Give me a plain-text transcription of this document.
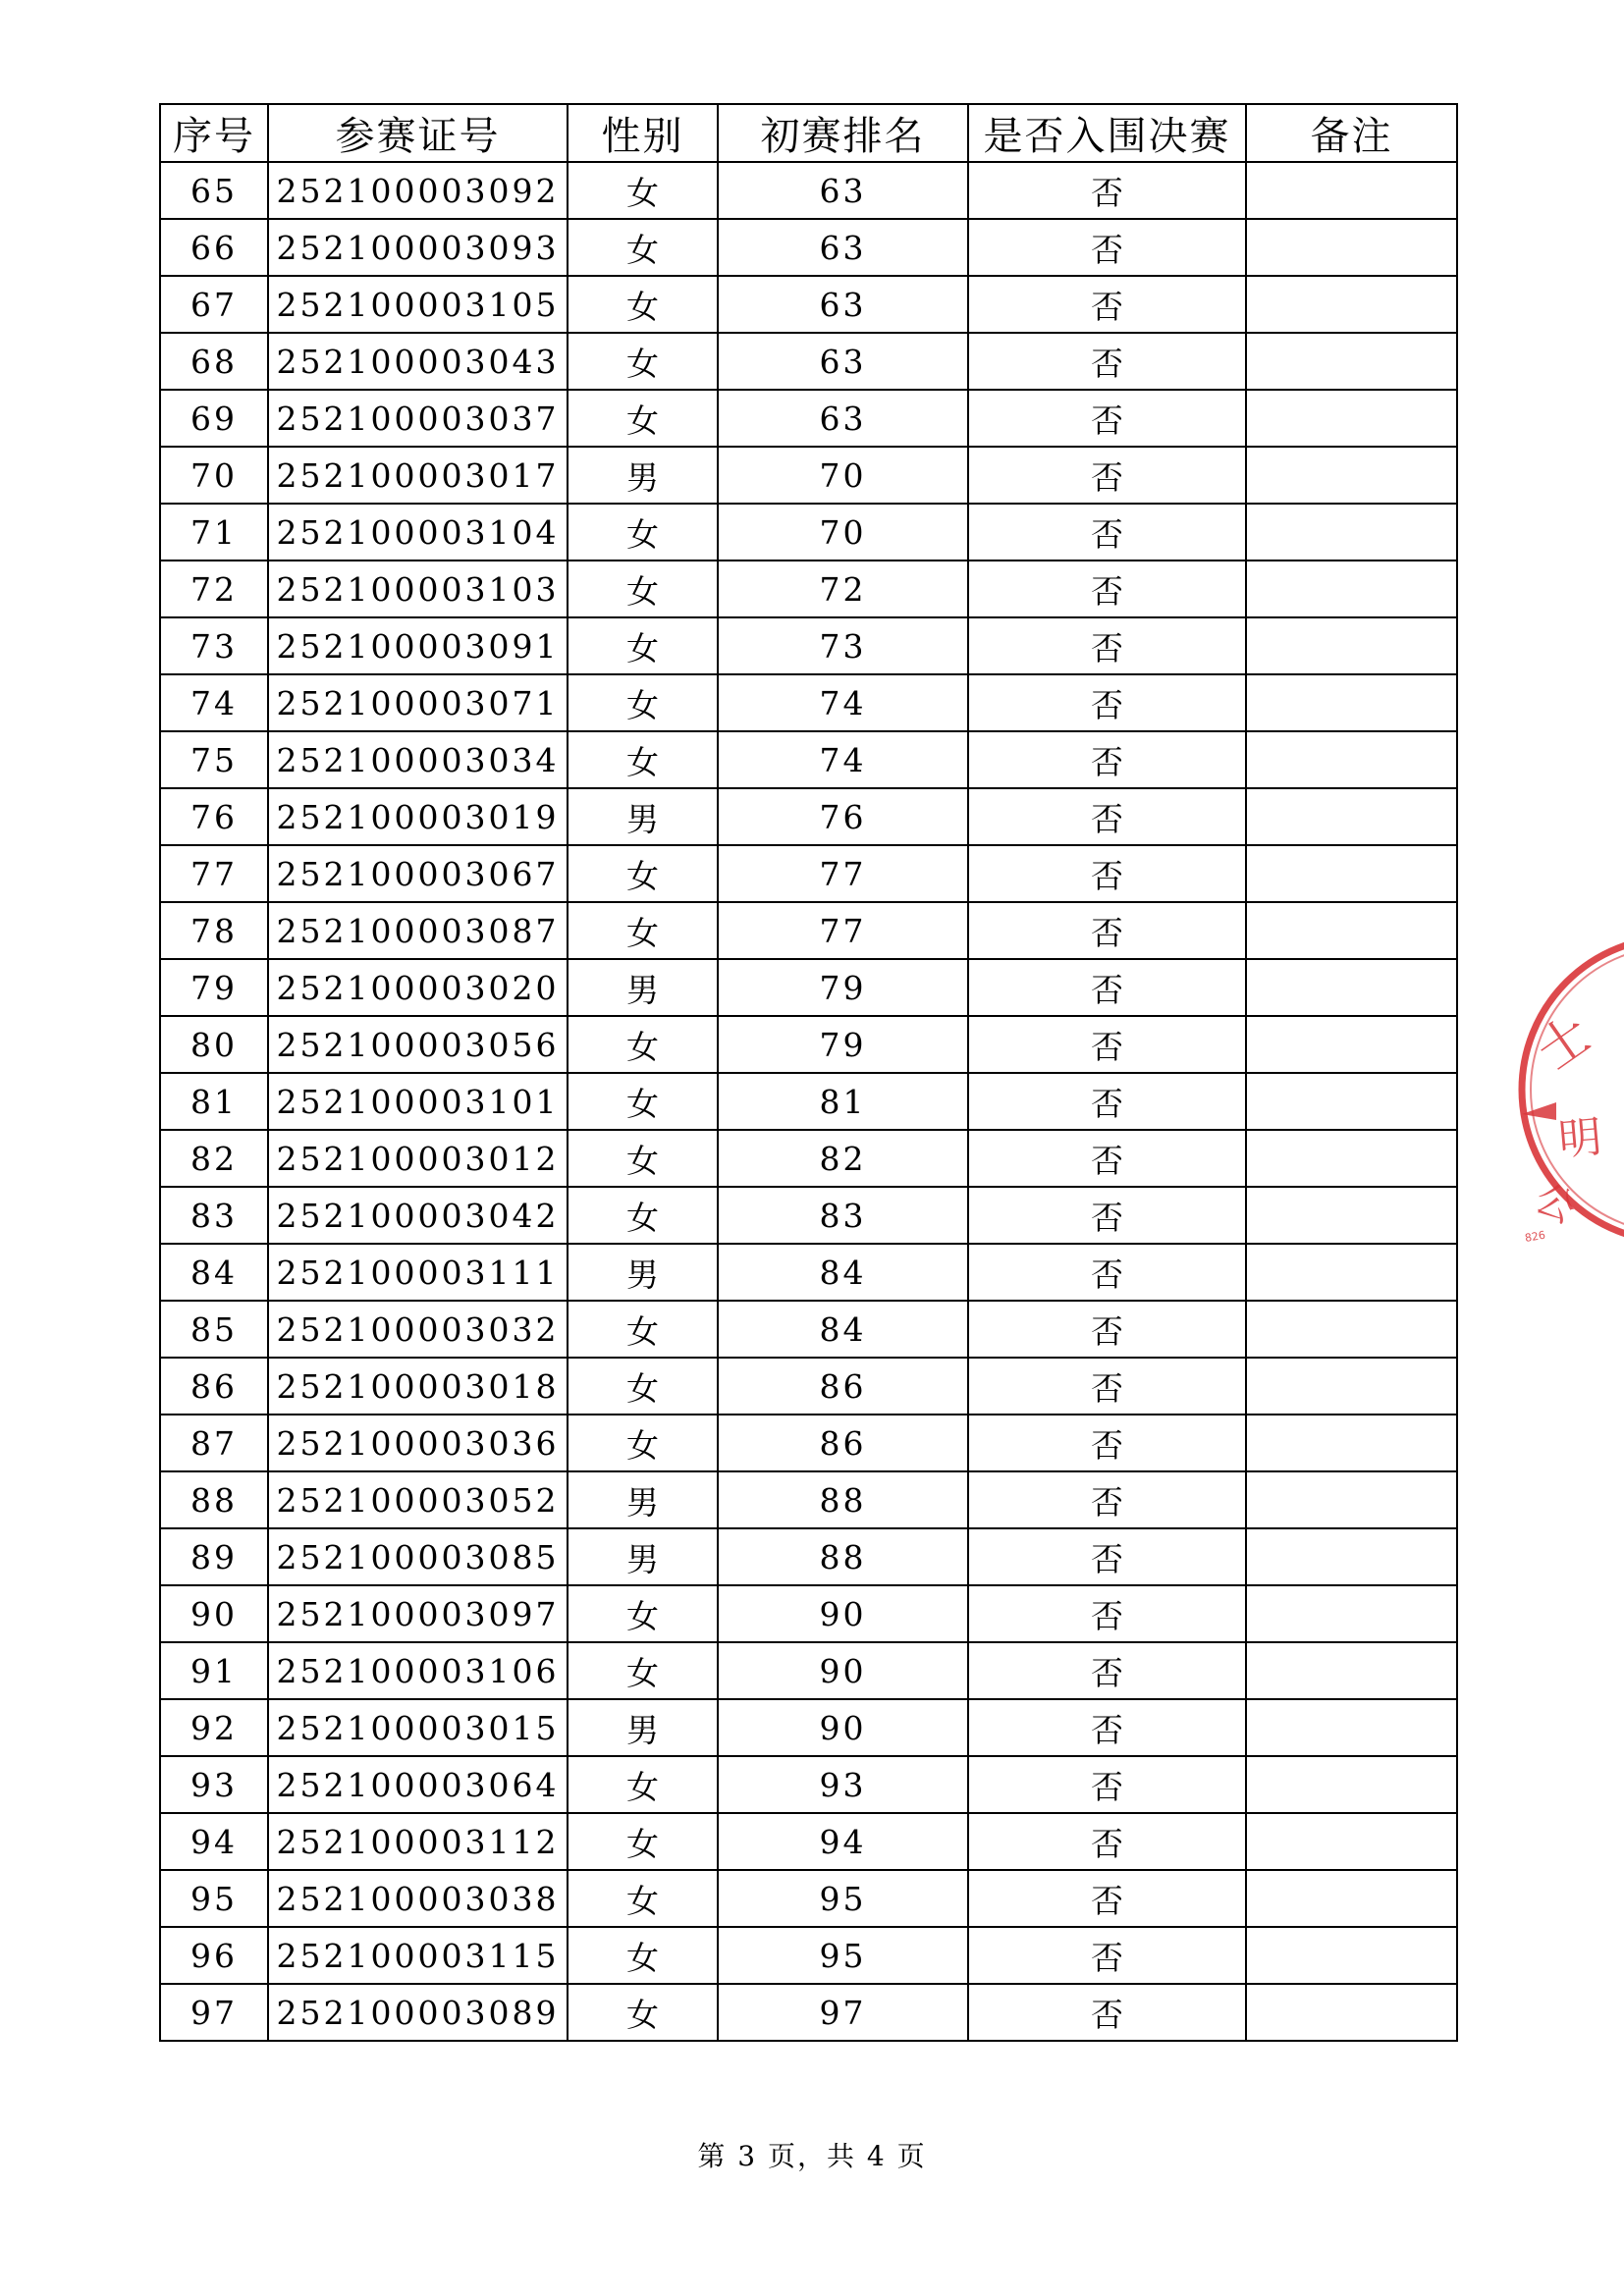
序号	参赛证号	性别	初赛排名	是否入围决赛	备注
65	252100003092	女	63	否	
66	252100003093	女	63	否	
67	252100003105	女	63	否	
68	252100003043	女	63	否	
69	252100003037	女	63	否	
70	252100003017	男	70	否	
71	252100003104	女	70	否	
72	252100003103	女	72	否	
73	252100003091	女	73	否	
74	252100003071	女	74	否	
75	252100003034	女	74	否	
76	252100003019	男	76	否	
77	252100003067	女	77	否	
78	252100003087	女	77	否	
79	252100003020	男	79	否	
80	252100003056	女	79	否	
81	252100003101	女	81	否	
82	252100003012	女	82	否	
83	252100003042	女	83	否	
84	252100003111	男	84	否	
85	252100003032	女	84	否	
86	252100003018	女	86	否	
87	252100003036	女	86	否	
88	252100003052	男	88	否	
89	252100003085	男	88	否	
90	252100003097	女	90	否	
91	252100003106	女	90	否	
92	252100003015	男	90	否	
93	252100003064	女	93	否	
94	252100003112	女	94	否	
95	252100003038	女	95	否	
96	252100003115	女	95	否	
97	252100003089	女	97	否	
士
明
公
826
第 3 页，共 4 页
